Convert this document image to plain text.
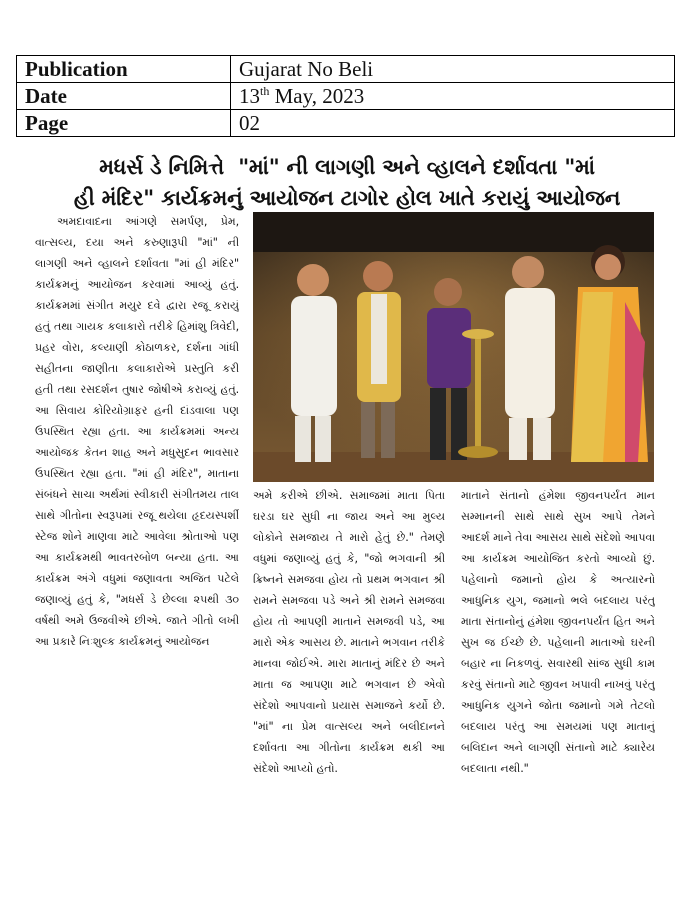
Publication	Gujarat No Beli
Date	13th May, 2023
Page	02
મધર્સ ડે નિમિત્તે  "માં" ની લાગણી અને વ્હાલને દર્શાવતા "માં
હી મંદિર" કાર્યક્રમનું આયોજન ટાગોર હોલ ખાતે કરાયું આયોજન

અમદાવાદના આંગણે સમર્પણ, પ્રેમ, વાત્સલ્ય, દયા અને કરુણારૂપી "માં" ની લાગણી અને વ્હાલને દર્શાવતા "માં હી મંદિર" કાર્યક્રમનું આયોજન કરવામાં આવ્યું હતું. કાર્યક્રમમાં સંગીત મયુર દવે દ્વારા રજૂ કરાયું હતું તથા ગાયક કલાકારો તરીકે હિમાંશુ ત્રિવેદી, પ્રહર વોરા, કલ્યાણી કોઠાળકર, દર્શના ગાંધી સહીતના જાણીતા કલાકારોએ પ્રસ્તુતિ કરી હતી તથા રસદર્શન તુષાર જોષીએ કરાવ્યું હતું. આ સિવાય કોરિયોગ્રાફર હની દાંડવાલા પણ ઉપસ્થિત રહ્યા હતા. આ કાર્યક્રમમાં અન્ય આયોજક કેતન શાહ અને મધુસુદન ભાવસાર ઉપસ્થિત રહ્યા હતા. "માં હી મંદિર", માતાના સંબંધને સાચા અર્થમાં સ્વીકારી સંગીતમય તાલ સાથે ગીતોના સ્વરૂપમાં રજૂ થયેલા હૃદયસ્પર્શી સ્ટેજ શોને માણવા માટે આવેલા શ્રોતાઓ પણ આ કાર્યક્રમથી ભાવતરબોળ બન્યા હતા. આ કાર્યક્રમ અંગે વધુમાં જણાવતા અજિત પટેલે જણાવ્યું હતું કે, "મધર્સ ડે છેલ્લા ૨૫થી ૩૦ વર્ષથી અમે ઉજવીએ છીએ. જાતે ગીતો લખી આ પ્રકારે નિઃશુલ્ક કાર્યક્રમનું આયોજન

અમે કરીએ છીએ. સમાજમાં માતા પિતા ઘરડા ઘર સુધી ના જાય અને આ મુલ્ય લોકોને સમજાય તે મારો હેતું છે." તેમણે વધુમાં જણાવ્યું હતું કે, "જો ભગવાની શ્રી ક્રિષ્નને સમજવા હોય તો પ્રથમ ભગવાન શ્રી રામને સમજવા પડે અને શ્રી રામને સમજવા હોય તો આપણી માતાને સમજવી પડે, આ મારો એક આસય છે. માતાને ભગવાન તરીકે માનવા જોઈએ. મારા માતાનું મંદિર છે અને માતા જ આપણા માટે ભગવાન છે એવો સંદેશો આપવાનો પ્રયાસ સમાજને કર્યો છે. "માં" ના પ્રેમ વાત્સલ્ય અને બલીદાનને દર્શાવતા આ ગીતોના કાર્યક્રમ થકી આ સંદેશો આપ્યો હતો.

માતાને સંતાનો હંમેશા જીવનપર્યંત માન સમ્માનની સાથે સાથે સુખ આપે તેમને આદર્શ માને તેવા આસય સાથે સંદેશો આપવા આ કાર્યક્રમ આયોજિત કરતો આવ્યો છું. પહેલાનો જમાનો હોય કે અત્યારનો આધુનિક યુગ, જમાનો ભલે બદલાય પરંતુ માતા સંતાનોનું હંમેશા જીવનપર્યંત હિત અને સુખ જ ઈચ્છે છે. પહેલાની માતાઓ ઘરની બહાર ના નિકળવું. સવારથી સાંજ સુધી કામ કરવું સંતાનો માટે જીવન ખપાવી નાખવું પરંતુ આધુનિક યુગને જોતા જમાનો ગમે તેટલો બદલાય પરંતુ આ સમયમાં પણ માતાનું બલિદાન અને લાગણી સંતાનો માટે ક્યારેય બદલાતા નથી."
